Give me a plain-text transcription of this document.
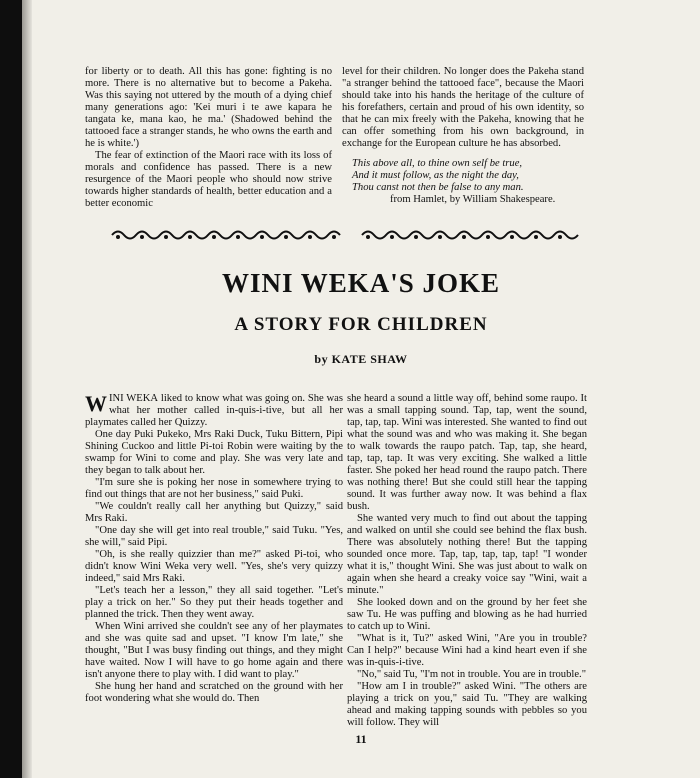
for liberty or to death. All this has gone: fighting is no more. There is no alternative but to become a Pakeha. Was this saying not uttered by the mouth of a dying chief many generations ago: 'Kei muri i te awe kapara he tangata ke, mana kao, he ma.' (Shadowed behind the tattooed face a stranger stands, he who owns the earth and he is white.')

The fear of extinction of the Maori race with its loss of morals and confidence has passed. There is a new resurgence of the Maori people who should now strive towards higher standards of health, better education and a better economic

level for their children. No longer does the Pakeha stand "a stranger behind the tattooed face", because the Maori should take into his hands the heritage of the culture of his forefathers, certain and proud of his own identity, so that he can mix freely with the Pakeha, knowing that he can offer something from his own background, in exchange for the European culture he has absorbed.

This above all, to thine own self be true,
And it must follow, as the night the day,
Thou canst not then be false to any man.
from Hamlet, by William Shakespeare.
WINI WEKA'S JOKE
A STORY FOR CHILDREN
by KATE SHAW

WINI WEKA liked to know what was going on. She was what her mother called in-quis-i-tive, but all her playmates called her Quizzy.

One day Puki Pukeko, Mrs Raki Duck, Tuku Bittern, Pipi Shining Cuckoo and little Pi-toi Robin were waiting by the swamp for Wini to come and play. She was very late and they began to talk about her.

"I'm sure she is poking her nose in somewhere trying to find out things that are not her business," said Puki.

"We couldn't really call her anything but Quizzy," said Mrs Raki.

"One day she will get into real trouble," said Tuku. "Yes, she will," said Pipi.

"Oh, is she really quizzier than me?" asked Pi-toi, who didn't know Wini Weka very well. "Yes, she's very quizzy indeed," said Mrs Raki.

"Let's teach her a lesson," they all said together. "Let's play a trick on her." So they put their heads together and planned the trick. Then they went away.

When Wini arrived she couldn't see any of her playmates and she was quite sad and upset. "I know I'm late," she thought, "But I was busy finding out things, and they might have waited. Now I will have to go home again and there isn't anyone there to play with. I did want to play."

She hung her hand and scratched on the ground with her foot wondering what she would do. Then

she heard a sound a little way off, behind some raupo. It was a small tapping sound. Tap, tap, went the sound, tap, tap, tap. Wini was interested. She wanted to find out what the sound was and who was making it. She began to walk towards the raupo patch. Tap, tap, she heard, tap, tap, tap. It was very exciting. She walked a little faster. She poked her head round the raupo patch. There was nothing there! But she could still hear the tapping sound. It was further away now. It was behind a flax bush.

She wanted very much to find out about the tapping and walked on until she could see behind the flax bush. There was absolutely nothing there! But the tapping sounded once more. Tap, tap, tap, tap, tap! "I wonder what it is," thought Wini. She was just about to walk on again when she heard a creaky voice say "Wini, wait a minute."

She looked down and on the ground by her feet she saw Tu. He was puffing and blowing as he had hurried to catch up to Wini.

"What is it, Tu?" asked Wini, "Are you in trouble? Can I help?" because Wini had a kind heart even if she was in-quis-i-tive.

"No," said Tu, "I'm not in trouble. You are in trouble."

"How am I in trouble?" asked Wini. "The others are playing a trick on you," said Tu. "They are walking ahead and making tapping sounds with pebbles so you will follow. They will

11
